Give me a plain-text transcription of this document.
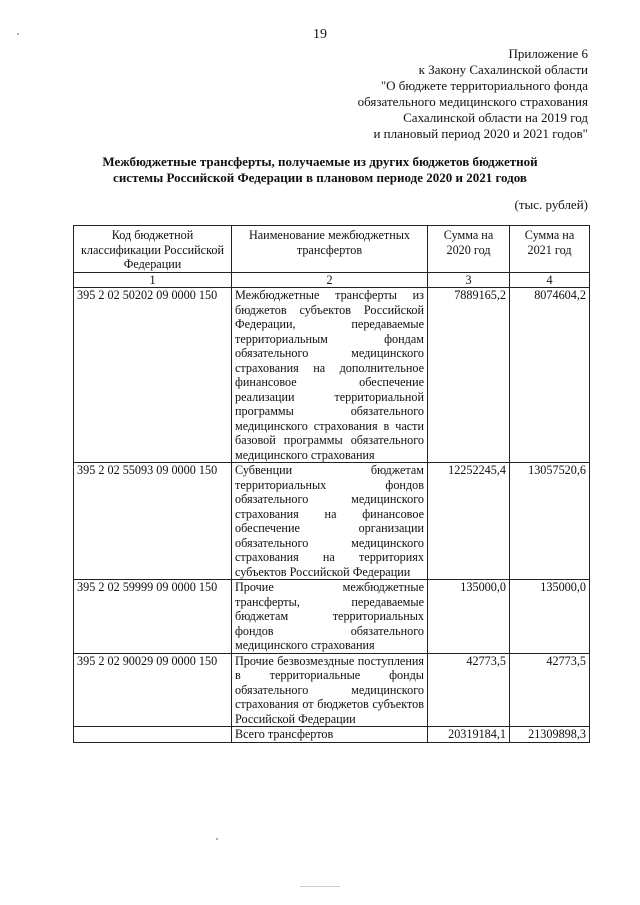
19
Приложение 6
к Закону Сахалинской области
"О бюджете территориального фонда
обязательного медицинского страхования
Сахалинской области на 2019 год
и плановый период 2020 и 2021 годов"
Межбюджетные трансферты, получаемые из других бюджетов бюджетной
системы Российской Федерации в плановом периоде 2020 и 2021 годов
(тыс. рублей)
Код бюджетной классификации Российской Федерации	Наименование межбюджетных трансфертов	Сумма на 2020 год	Сумма на 2021 год
1	2	3	4
395 2 02 50202 09 0000 150	Межбюджетные трансферты из бюджетов субъектов Российской Федерации, передаваемые территориальным фондам обязательного медицинского страхования на дополнительное финансовое обеспечение реализации территориальной программы обязательного медицинского страхования в части базовой программы обязательного медицинского страхования	7889165,2	8074604,2
395 2 02 55093 09 0000 150	Субвенции бюджетам территориальных фондов обязательного медицинского страхования на финансовое обеспечение организации обязательного медицинского страхования на территориях субъектов Российской Федерации	12252245,4	13057520,6
395 2 02 59999 09 0000 150	Прочие межбюджетные трансферты, передаваемые бюджетам территориальных фондов обязательного медицинского страхования	135000,0	135000,0
395 2 02 90029 09 0000 150	Прочие безвозмездные поступления в территориальные фонды обязательного медицинского страхования от бюджетов субъектов Российской Федерации	42773,5	42773,5
	Всего трансфертов	20319184,1	21309898,3
